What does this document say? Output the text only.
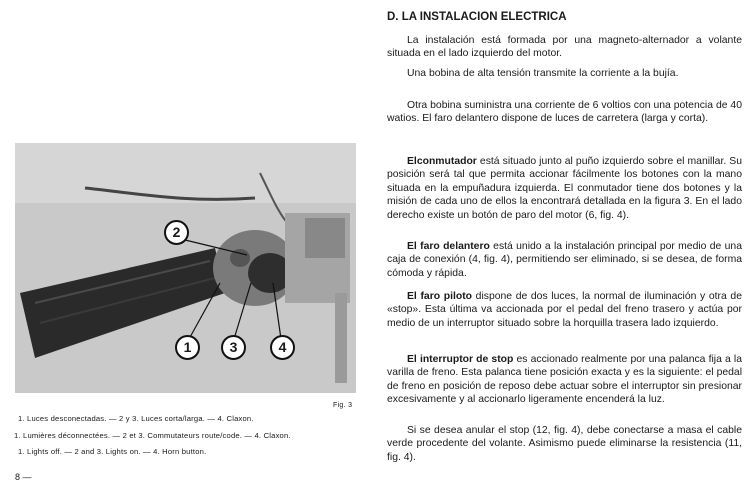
2
1	3	4
Fig. 3
1. Luces desconectadas. — 2 y 3. Luces corta/larga. — 4. Claxon.
1. Lumières déconnectées. — 2 et 3. Commutateurs route/code. — 4. Claxon.
1. Lights off. — 2 and 3. Lights on. — 4. Horn button.
8 —
D. LA INSTALACION ELECTRICA

La instalación está formada por una magneto-alternador a volante situada en el lado izquierdo del motor.

Una bobina de alta tensión transmite la corriente a la bujía.

Otra bobina suministra una corriente de 6 voltios con una potencia de 40 watios. El faro delantero dispone de luces de carretera (larga y corta).

Elconmutador está situado junto al puño izquierdo sobre el manillar. Su posición será tal que permita accionar fácilmente los botones con la mano situada en la empuñadura izquierda. El conmutador tiene dos botones y la misión de cada uno de ellos la encontrará detallada en la figura 3. En el lado derecho existe un botón de paro del motor (6, fig. 4).

El faro delantero está unido a la instalación principal por medio de una caja de conexión (4, fig. 4), permitiendo ser eliminado, si se desea, de forma cómoda y rápida.

El faro piloto dispone de dos luces, la normal de iluminación y otra de «stop». Esta última va accionada por el pedal del freno trasero y actúa por medio de un interruptor situado sobre la horquilla trasera lado izquierdo.

El interruptor de stop es accionado realmente por una palanca fija a la varilla de freno. Esta palanca tiene posición exacta y es la siguiente: el pedal de freno en posición de reposo debe actuar sobre el interruptor sin presionar excesivamente y al accionarlo ligeramente encenderá la luz.

Si se desea anular el stop (12, fig. 4), debe conectarse a masa el cable verde procedente del volante. Asimismo puede eliminarse la resistencia (11, fig. 4).
